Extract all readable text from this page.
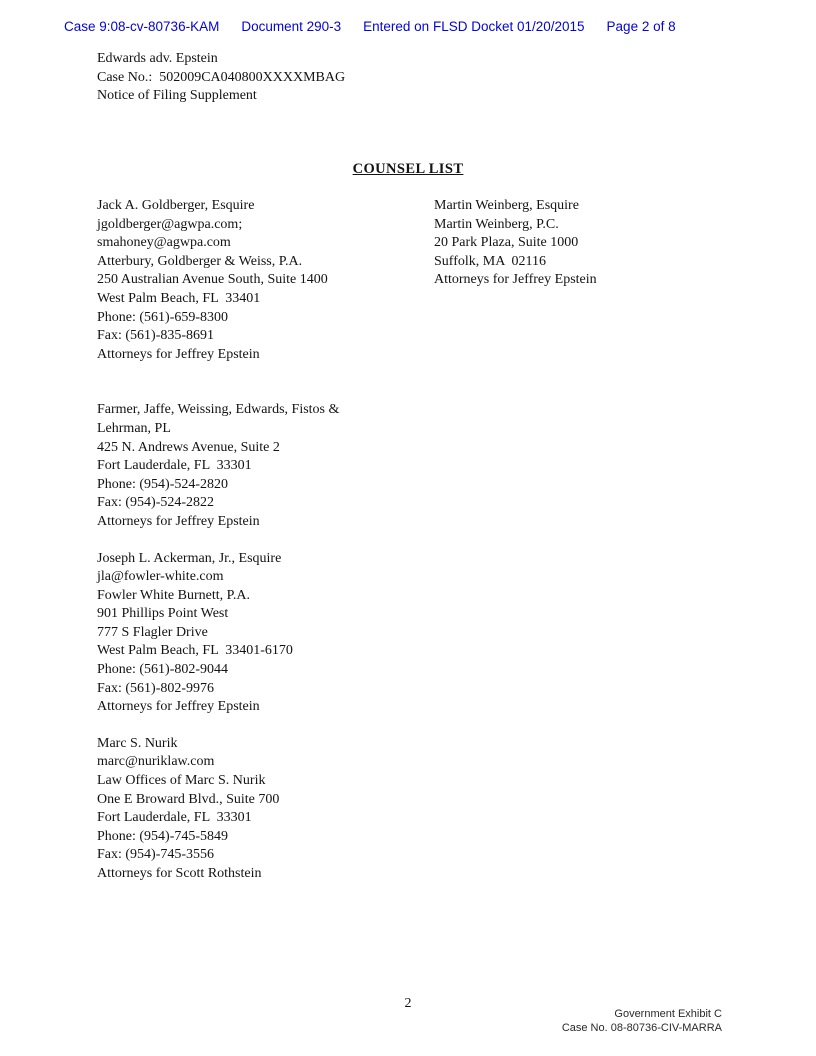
Case 9:08-cv-80736-KAM Document 290-3 Entered on FLSD Docket 01/20/2015 Page 2 of 8
Edwards adv. Epstein
Case No.:  502009CA040800XXXXMBAG
Notice of Filing Supplement
COUNSEL LIST
Jack A. Goldberger, Esquire
jgoldberger@agwpa.com;
smahoney@agwpa.com
Atterbury, Goldberger & Weiss, P.A.
250 Australian Avenue South, Suite 1400
West Palm Beach, FL  33401
Phone: (561)-659-8300
Fax: (561)-835-8691
Attorneys for Jeffrey Epstein
Farmer, Jaffe, Weissing, Edwards, Fistos &
Lehrman, PL
425 N. Andrews Avenue, Suite 2
Fort Lauderdale, FL  33301
Phone: (954)-524-2820
Fax: (954)-524-2822
Attorneys for Jeffrey Epstein
Joseph L. Ackerman, Jr., Esquire
jla@fowler-white.com
Fowler White Burnett, P.A.
901 Phillips Point West
777 S Flagler Drive
West Palm Beach, FL  33401-6170
Phone: (561)-802-9044
Fax: (561)-802-9976
Attorneys for Jeffrey Epstein
Marc S. Nurik
marc@nuriklaw.com
Law Offices of Marc S. Nurik
One E Broward Blvd., Suite 700
Fort Lauderdale, FL  33301
Phone: (954)-745-5849
Fax: (954)-745-3556
Attorneys for Scott Rothstein
Martin Weinberg, Esquire
Martin Weinberg, P.C.
20 Park Plaza, Suite 1000
Suffolk, MA  02116
Attorneys for Jeffrey Epstein
2
Government Exhibit C
Case No. 08-80736-CIV-MARRA
